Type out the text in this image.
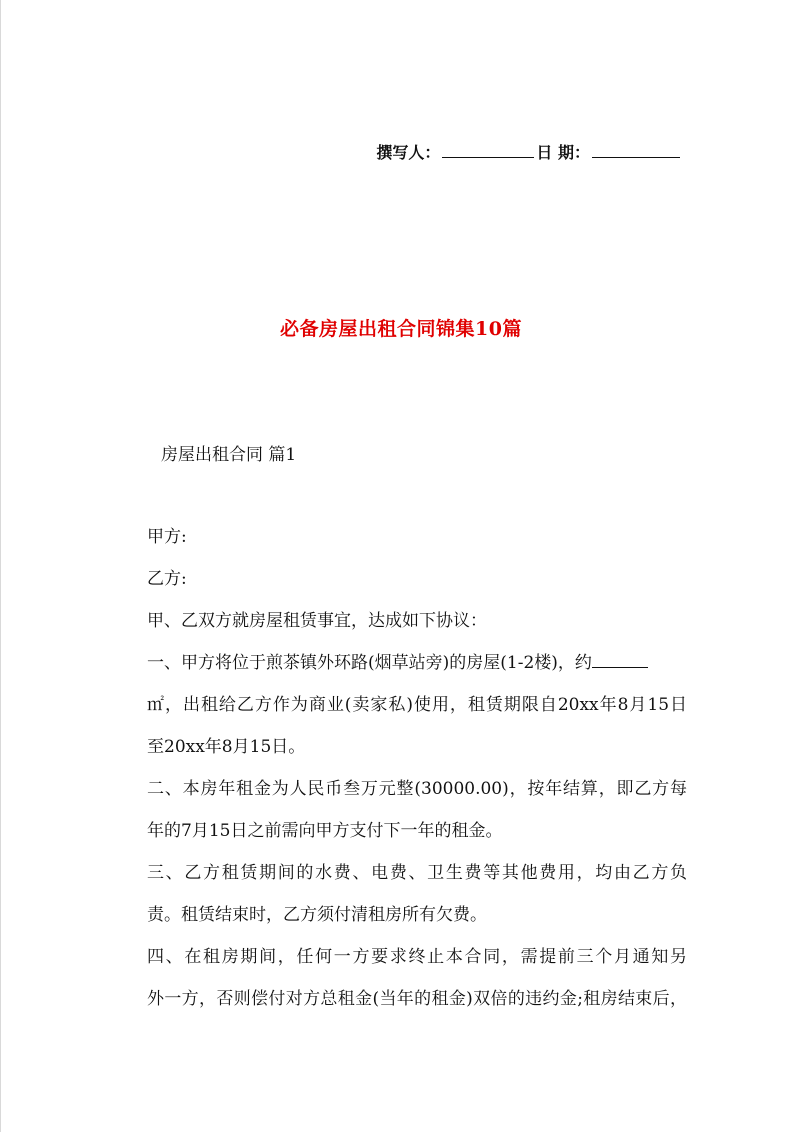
撰写人：	日 期：
必备房屋出租合同锦集10篇
房屋出租合同 篇1
甲方:
乙方:
甲、乙双方就房屋租赁事宜，达成如下协议：
一、甲方将位于煎茶镇外环路(烟草站旁)的房屋(1-2楼)，约
㎡，出租给乙方作为商业(卖家私)使用，租赁期限自20xx年8月15日
至20xx年8月15日。
二、本房年租金为人民币叁万元整(30000.00)，按年结算，即乙方每
年的7月15日之前需向甲方支付下一年的租金。
三、乙方租赁期间的水费、电费、卫生费等其他费用，均由乙方负
责。租赁结束时，乙方须付清租房所有欠费。
四、在租房期间，任何一方要求终止本合同，需提前三个月通知另
外一方，否则偿付对方总租金(当年的租金)双倍的违约金;租房结束后，
